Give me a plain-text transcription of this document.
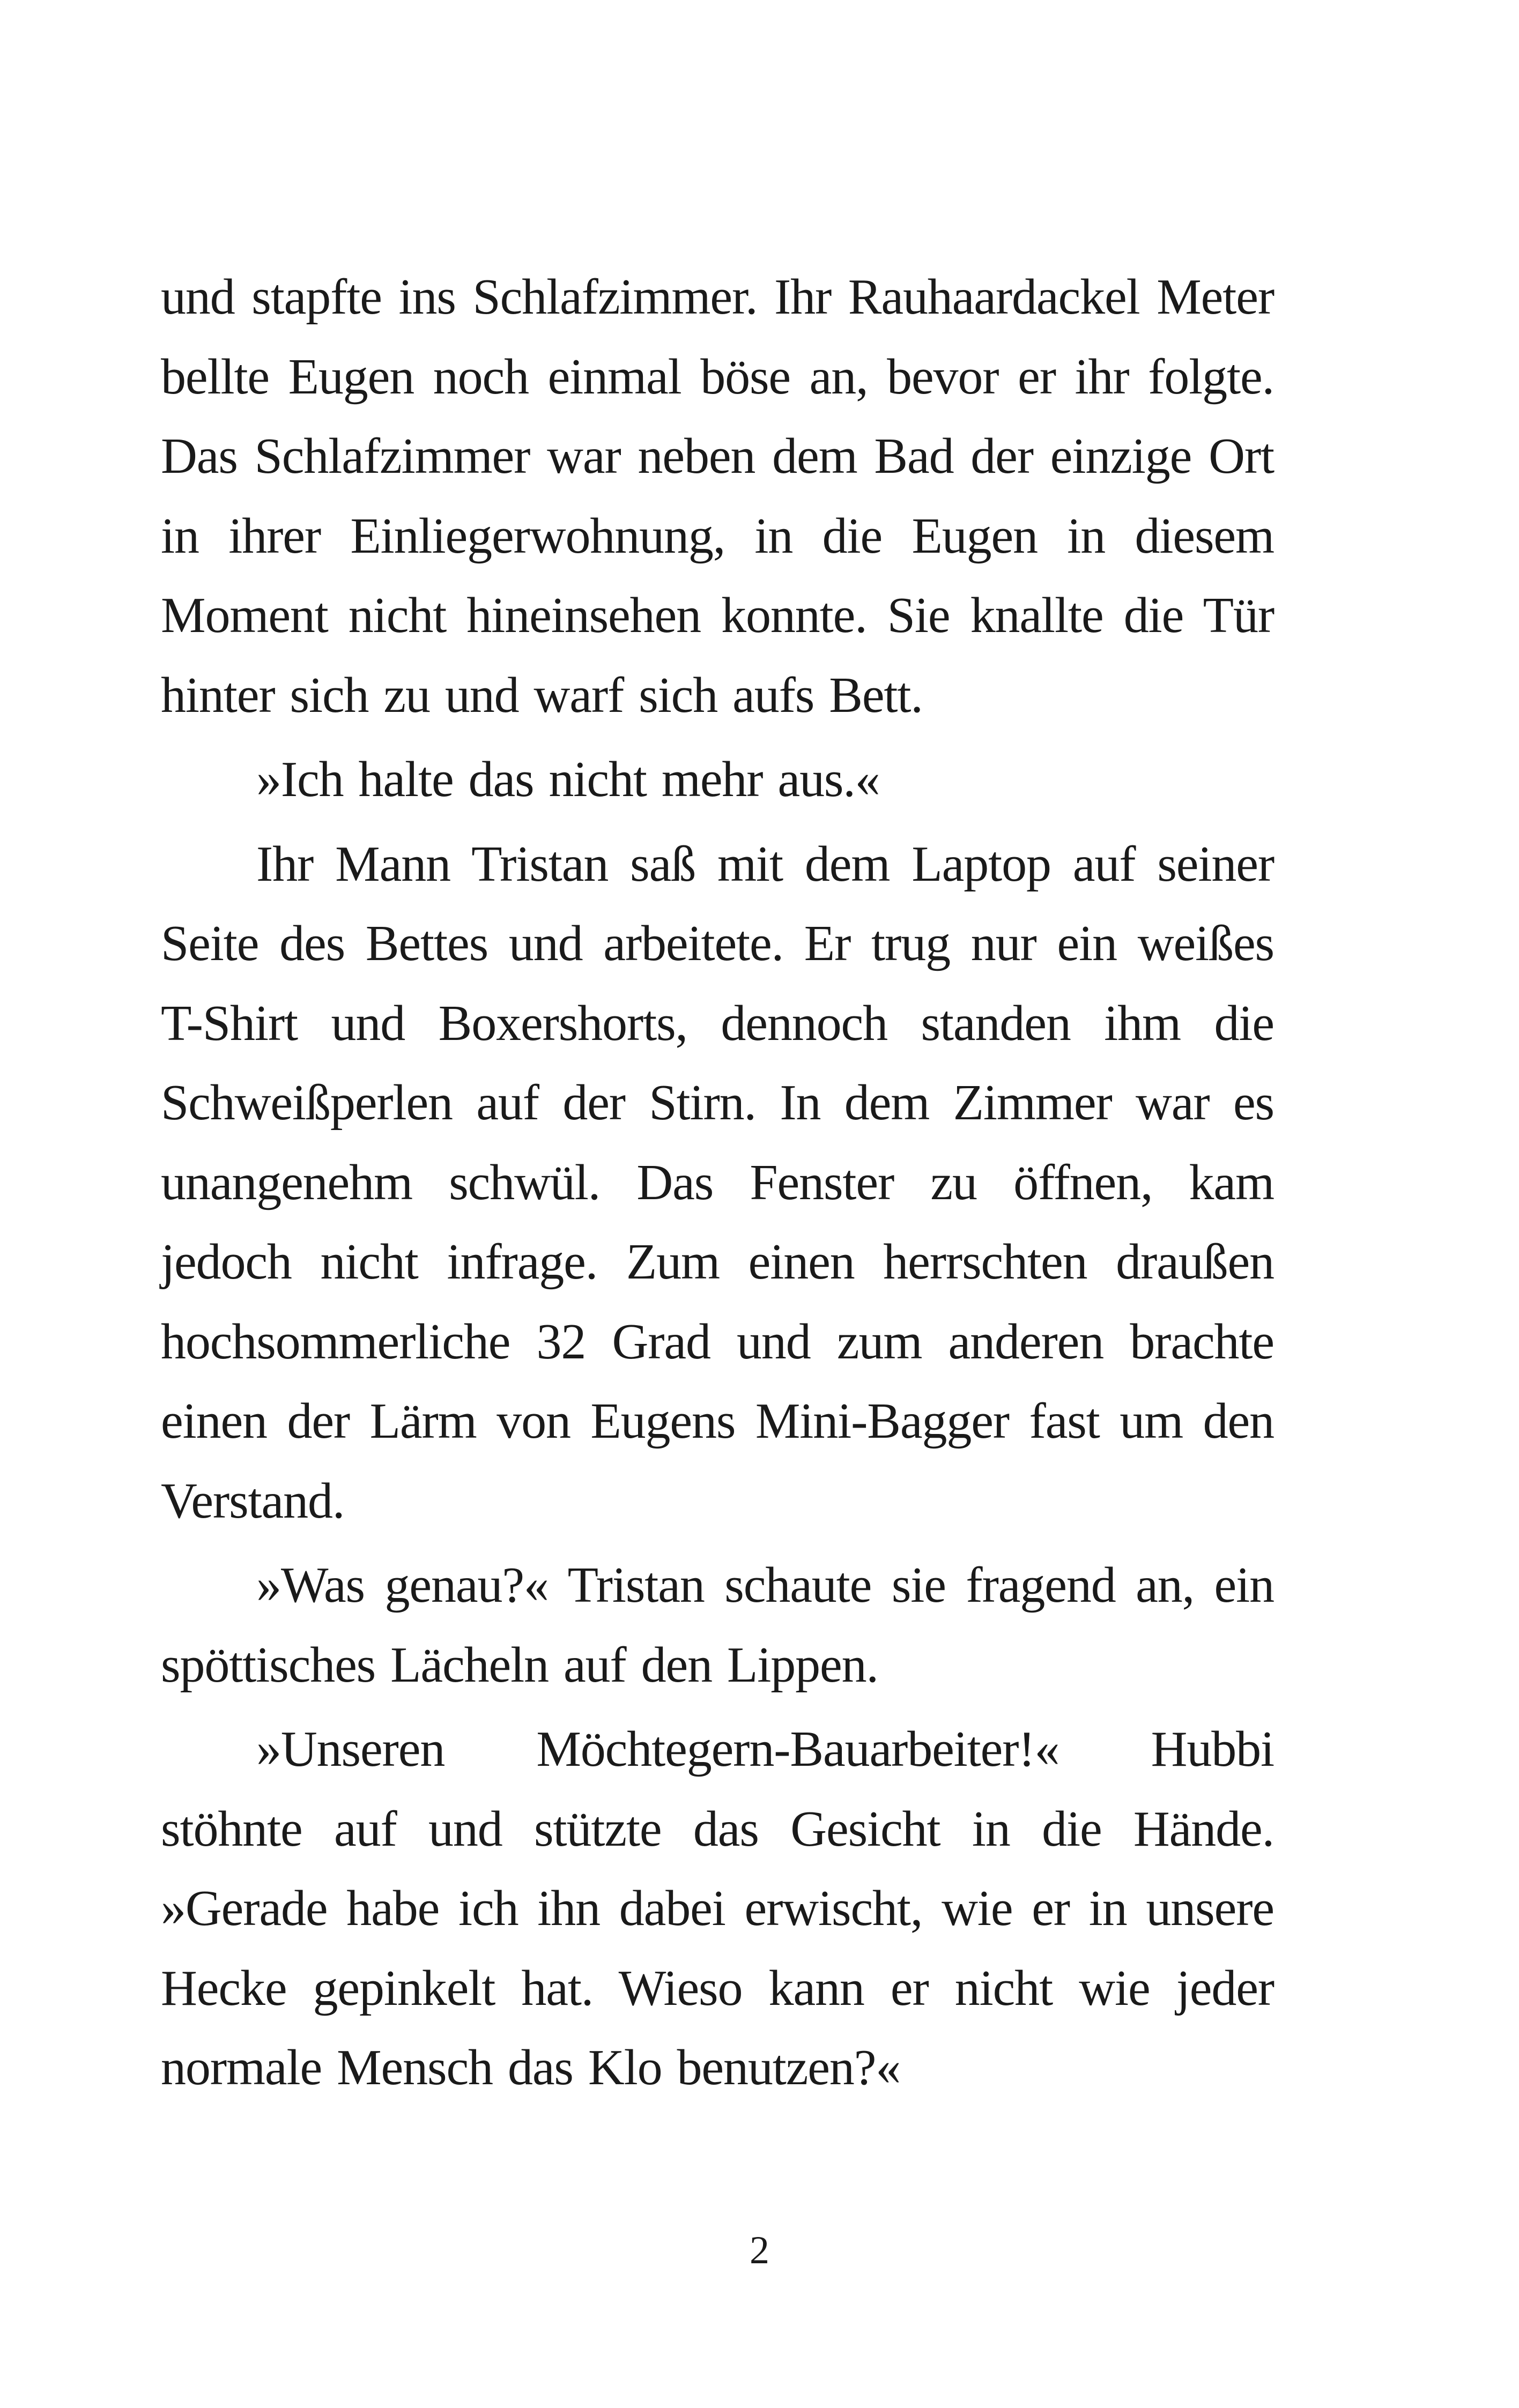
und stapfte ins Schlafzimmer. Ihr Rauhaardackel Meter bellte Eugen noch einmal böse an, bevor er ihr folgte. Das Schlafzimmer war neben dem Bad der einzige Ort in ihrer Einliegerwohnung, in die Eugen in diesem Moment nicht hineinsehen konnte. Sie knallte die Tür hinter sich zu und warf sich aufs Bett.

»Ich halte das nicht mehr aus.«

Ihr Mann Tristan saß mit dem Laptop auf seiner Seite des Bettes und arbeitete. Er trug nur ein weißes T-Shirt und Boxershorts, dennoch standen ihm die Schweißperlen auf der Stirn. In dem Zimmer war es unangenehm schwül. Das Fenster zu öffnen, kam jedoch nicht infrage. Zum einen herrschten draußen hochsommerliche 32 Grad und zum anderen brachte einen der Lärm von Eugens Mini-Bagger fast um den Verstand.

»Was genau?« Tristan schaute sie fragend an, ein spöttisches Lächeln auf den Lippen.

»Unseren Möchtegern-Bauarbeiter!« Hubbi stöhnte auf und stützte das Gesicht in die Hände. »Gerade habe ich ihn dabei erwischt, wie er in unsere Hecke gepinkelt hat. Wieso kann er nicht wie jeder normale Mensch das Klo benutzen?«

2
